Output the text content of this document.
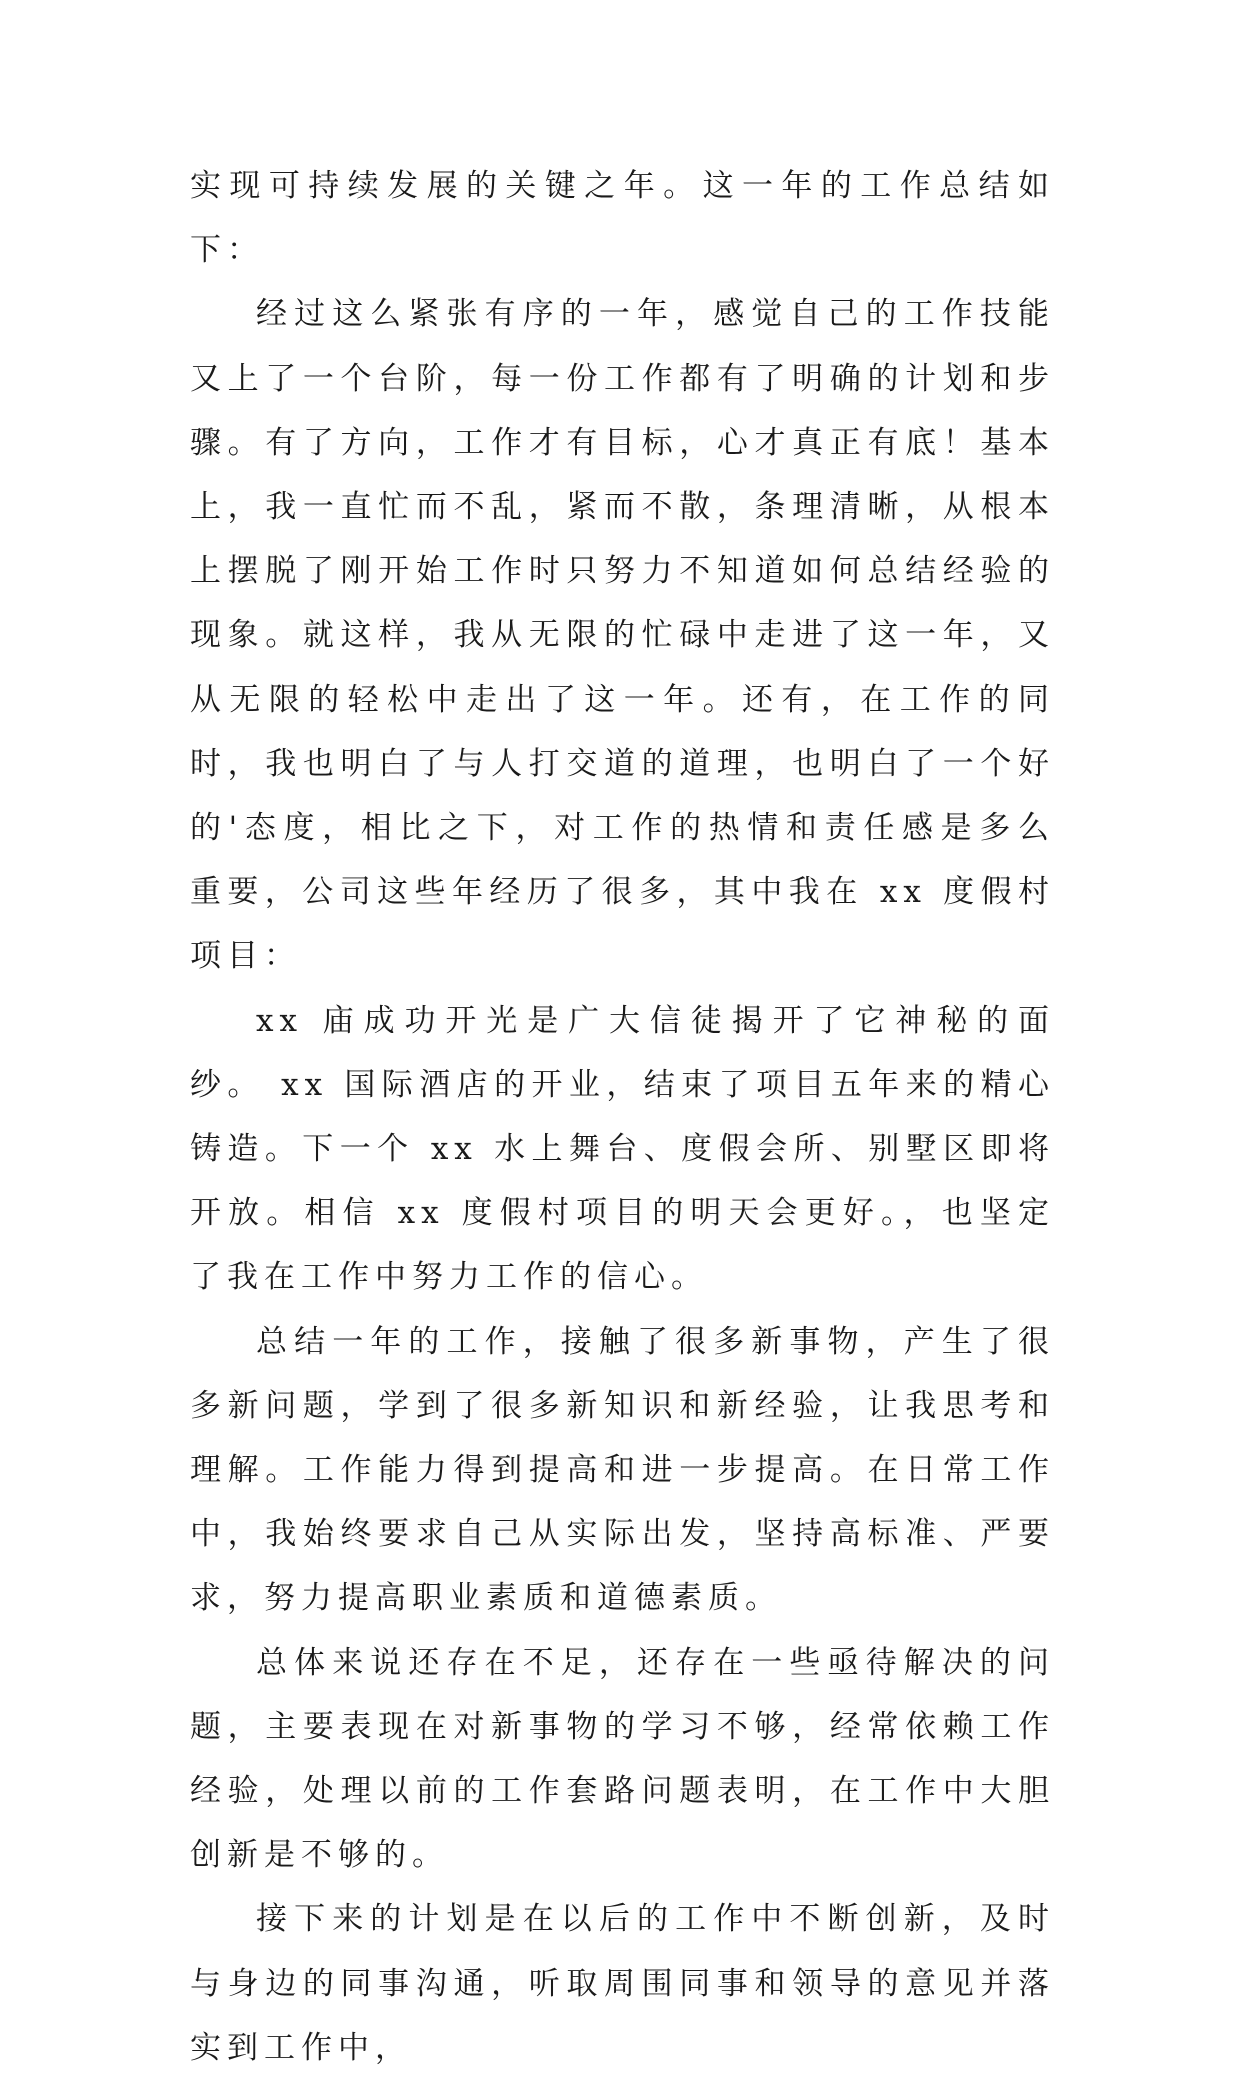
实现可持续发展的关键之年。这一年的工作总结如下：

经过这么紧张有序的一年，感觉自己的工作技能又上了一个台阶，每一份工作都有了明确的计划和步骤。有了方向，工作才有目标，心才真正有底！基本上，我一直忙而不乱，紧而不散，条理清晰，从根本上摆脱了刚开始工作时只努力不知道如何总结经验的现象。就这样，我从无限的忙碌中走进了这一年，又从无限的轻松中走出了这一年。还有，在工作的同时，我也明白了与人打交道的道理，也明白了一个好的'态度，相比之下，对工作的热情和责任感是多么重要，公司这些年经历了很多，其中我在 xx 度假村项目：

xx 庙成功开光是广大信徒揭开了它神秘的面纱。 xx 国际酒店的开业，结束了项目五年来的精心铸造。下一个 xx 水上舞台、度假会所、别墅区即将开放。相信 xx 度假村项目的明天会更好。，也坚定了我在工作中努力工作的信心。

总结一年的工作，接触了很多新事物，产生了很多新问题，学到了很多新知识和新经验，让我思考和理解。工作能力得到提高和进一步提高。在日常工作中，我始终要求自己从实际出发，坚持高标准、严要求，努力提高职业素质和道德素质。

总体来说还存在不足，还存在一些亟待解决的问题，主要表现在对新事物的学习不够，经常依赖工作经验，处理以前的工作套路问题表明，在工作中大胆创新是不够的。

接下来的计划是在以后的工作中不断创新，及时与身边的同事沟通，听取周围同事和领导的意见并落实到工作中，
